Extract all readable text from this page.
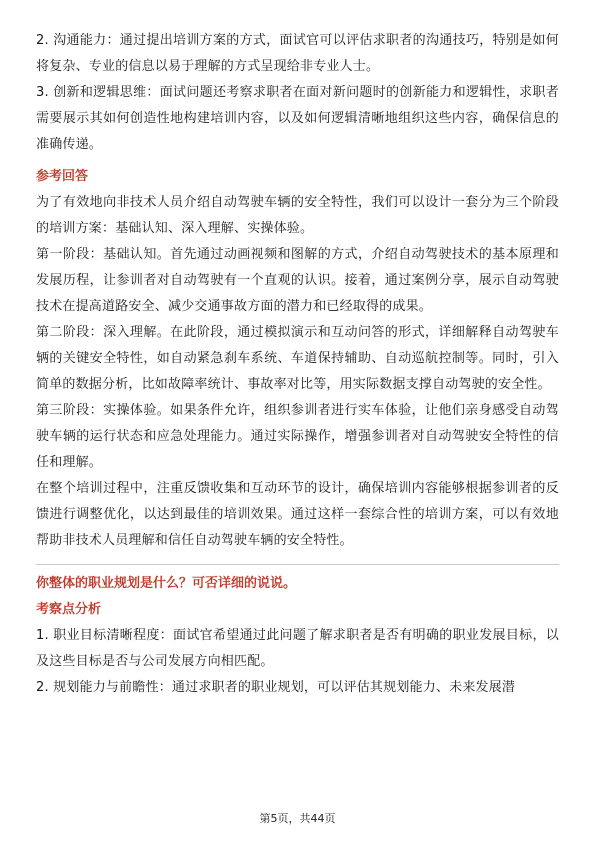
2. 沟通能力：通过提出培训方案的方式，面试官可以评估求职者的沟通技巧，特别是如何将复杂、专业的信息以易于理解的方式呈现给非专业人士。

3. 创新和逻辑思维：面试问题还考察求职者在面对新问题时的创新能力和逻辑性，求职者需要展示其如何创造性地构建培训内容，以及如何逻辑清晰地组织这些内容，确保信息的准确传递。

参考回答

为了有效地向非技术人员介绍自动驾驶车辆的安全特性，我们可以设计一套分为三个阶段的培训方案：基础认知、深入理解、实操体验。

第一阶段：基础认知。首先通过动画视频和图解的方式，介绍自动驾驶技术的基本原理和发展历程，让参训者对自动驾驶有一个直观的认识。接着，通过案例分享，展示自动驾驶技术在提高道路安全、减少交通事故方面的潜力和已经取得的成果。

第二阶段：深入理解。在此阶段，通过模拟演示和互动问答的形式，详细解释自动驾驶车辆的关键安全特性，如自动紧急刹车系统、车道保持辅助、自动巡航控制等。同时，引入简单的数据分析，比如故障率统计、事故率对比等，用实际数据支撑自动驾驶的安全性。

第三阶段：实操体验。如果条件允许，组织参训者进行实车体验，让他们亲身感受自动驾驶车辆的运行状态和应急处理能力。通过实际操作，增强参训者对自动驾驶安全特性的信任和理解。

在整个培训过程中，注重反馈收集和互动环节的设计，确保培训内容能够根据参训者的反馈进行调整优化，以达到最佳的培训效果。通过这样一套综合性的培训方案，可以有效地帮助非技术人员理解和信任自动驾驶车辆的安全特性。

你整体的职业规划是什么？可否详细的说说。

考察点分析

1. 职业目标清晰程度：面试官希望通过此问题了解求职者是否有明确的职业发展目标，以及这些目标是否与公司发展方向相匹配。

2. 规划能力与前瞻性：通过求职者的职业规划，可以评估其规划能力、未来发展潜

第5页，共44页
